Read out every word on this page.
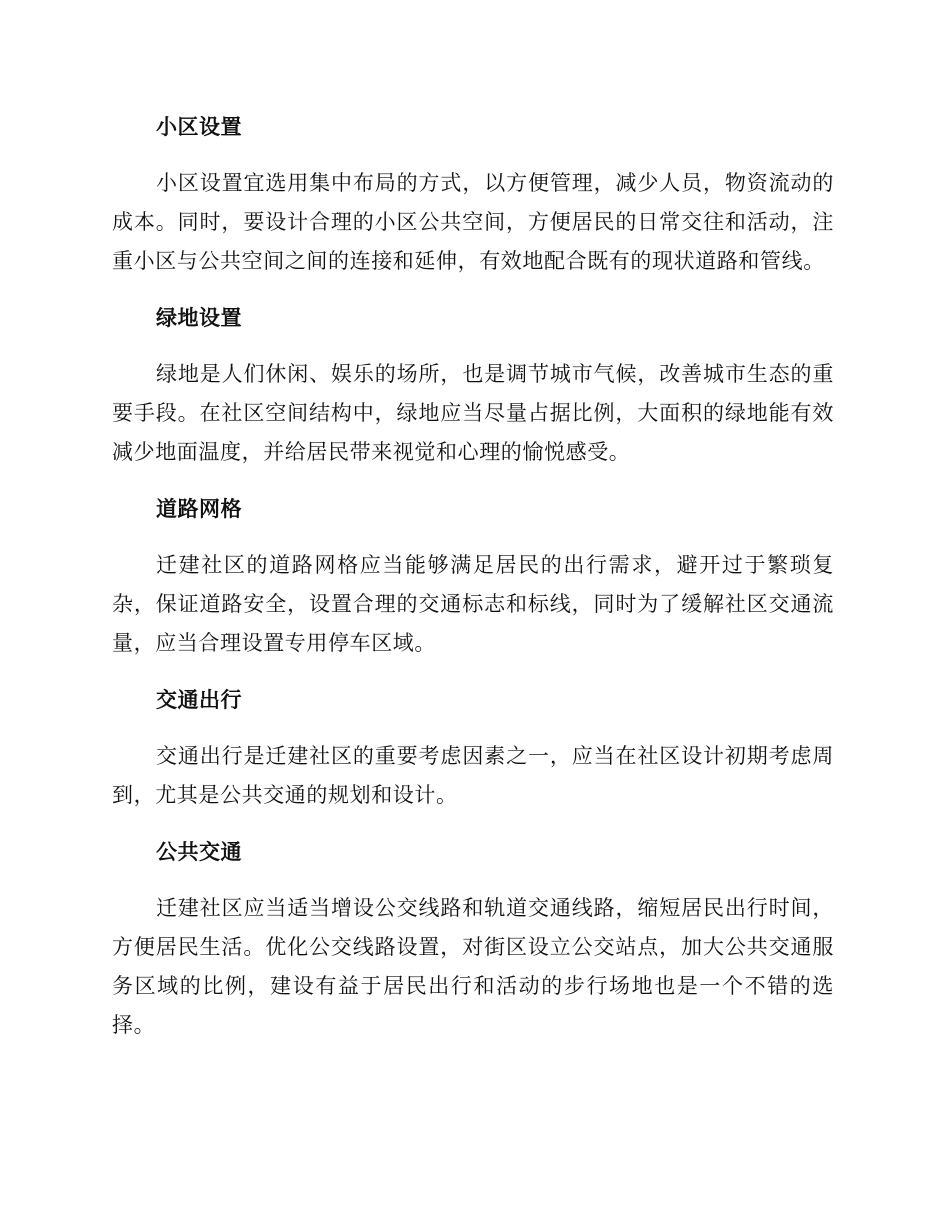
小区设置

小区设置宜选用集中布局的方式，以方便管理，减少人员，物资流动的成本。同时，要设计合理的小区公共空间，方便居民的日常交往和活动，注重小区与公共空间之间的连接和延伸，有效地配合既有的现状道路和管线。

绿地设置

绿地是人们休闲、娱乐的场所，也是调节城市气候，改善城市生态的重要手段。在社区空间结构中，绿地应当尽量占据比例，大面积的绿地能有效减少地面温度，并给居民带来视觉和心理的愉悦感受。

道路网格

迁建社区的道路网格应当能够满足居民的出行需求，避开过于繁琐复杂，保证道路安全，设置合理的交通标志和标线，同时为了缓解社区交通流量，应当合理设置专用停车区域。

交通出行

交通出行是迁建社区的重要考虑因素之一，应当在社区设计初期考虑周到，尤其是公共交通的规划和设计。

公共交通

迁建社区应当适当增设公交线路和轨道交通线路，缩短居民出行时间，方便居民生活。优化公交线路设置，对街区设立公交站点，加大公共交通服务区域的比例，建设有益于居民出行和活动的步行场地也是一个不错的选择。
